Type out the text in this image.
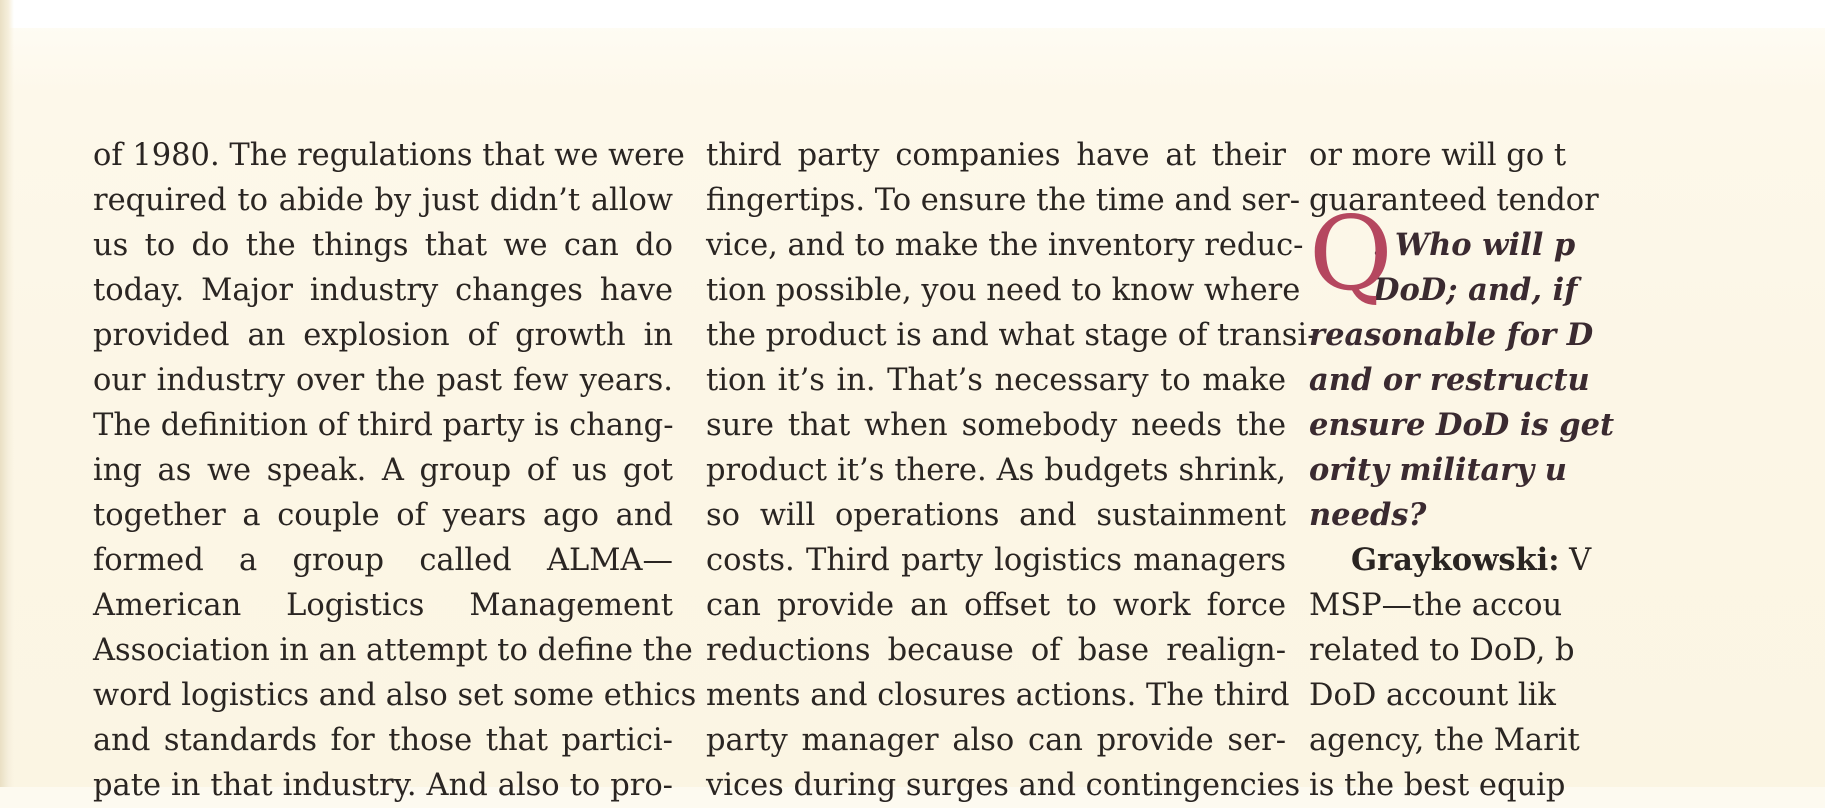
of 1980. The regulations that we were
required to abide by just didn’t allow
us to do the things that we can do
today. Major industry changes have
provided an explosion of growth in
our industry over the past few years.
The definition of third party is chang-
ing as we speak. A group of us got
together a couple of years ago and
formed a group called ALMA—
American Logistics Management
Association in an attempt to define the
word logistics and also set some ethics
and standards for those that partici-
pate in that industry. And also to pro-
third party companies have at their
fingertips. To ensure the time and ser-
vice, and to make the inventory reduc-
tion possible, you need to know where
the product is and what stage of transi-
tion it’s in. That’s necessary to make
sure that when somebody needs the
product it’s there. As budgets shrink,
so will operations and sustainment
costs. Third party logistics managers
can provide an offset to work force
reductions because of base realign-
ments and closures actions. The third
party manager also can provide ser-
vices during surges and contingencies
or more will go t
guaranteed tendor
Q
: Who will p
DoD; and, if
reasonable for D
and or restructu
ensure DoD is get
ority military u
needs?
Graykowski: V
MSP—the accou
related to DoD, b
DoD account lik
agency, the Marit
is the best equip
